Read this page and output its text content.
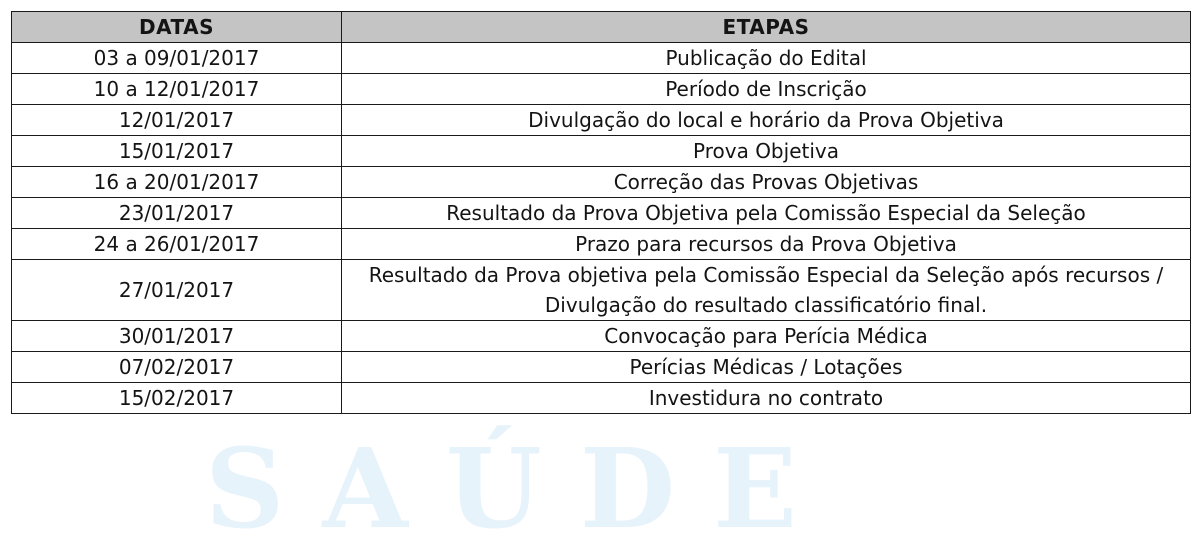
SAÚDE
DATAS	ETAPAS
03 a 09/01/2017	Publicação do Edital
10 a 12/01/2017	Período de Inscrição
12/01/2017	Divulgação do local e horário da Prova Objetiva
15/01/2017	Prova Objetiva
16 a 20/01/2017	Correção das Provas Objetivas
23/01/2017	Resultado da Prova Objetiva pela Comissão Especial da Seleção
24 a 26/01/2017	Prazo para recursos da Prova Objetiva
27/01/2017	Resultado da Prova objetiva pela Comissão Especial da Seleção após recursos / Divulgação do resultado classificatório final.
30/01/2017	Convocação para Perícia Médica
07/02/2017	Perícias Médicas / Lotações
15/02/2017	Investidura no contrato
